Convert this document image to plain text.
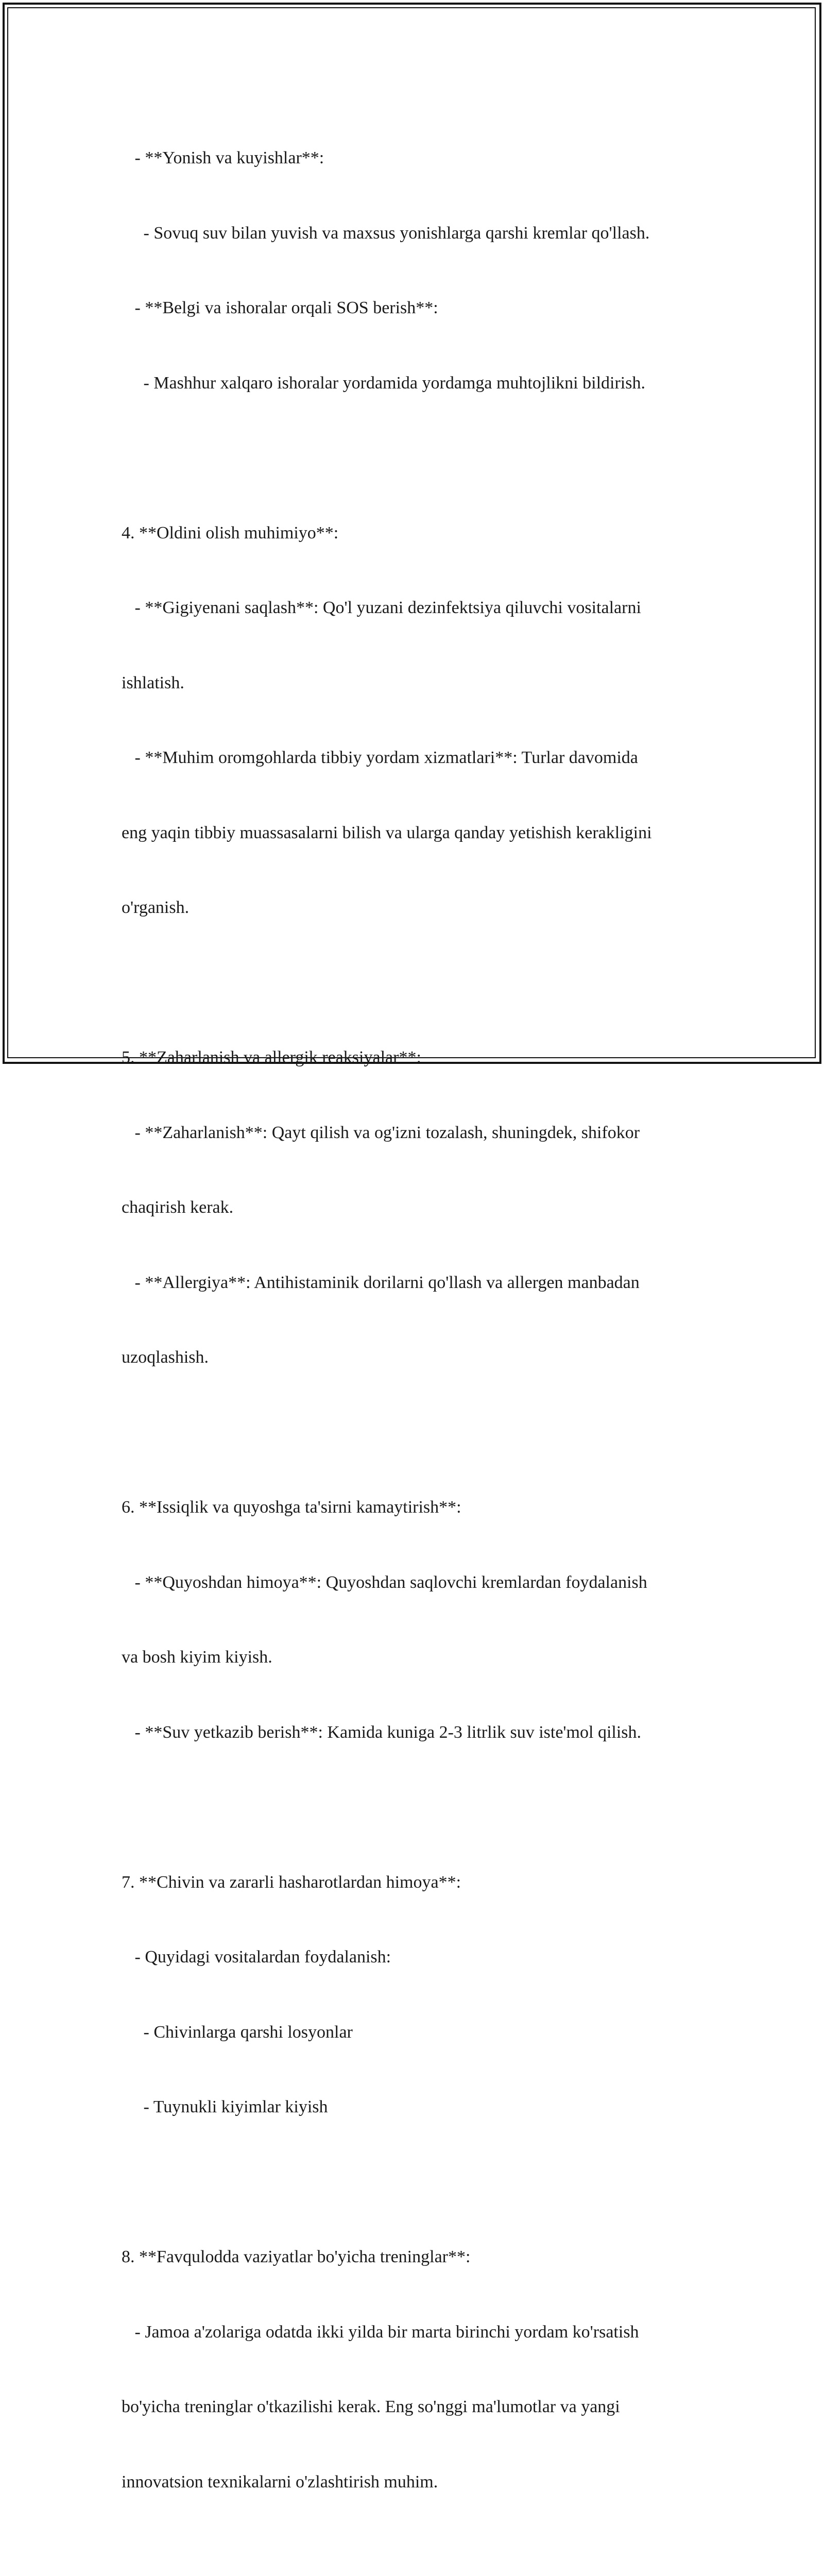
- **Yonish va kuyishlar**:

- Sovuq suv bilan yuvish va maxsus yonishlarga qarshi kremlar qo'llash.

- **Belgi va ishoralar orqali SOS berish**:

- Mashhur xalqaro ishoralar yordamida yordamga muhtojlikni bildirish.

4. **Oldini olish muhimiyo**:

- **Gigiyenani saqlash**: Qo'l yuzani dezinfektsiya qiluvchi vositalarni

ishlatish.

- **Muhim oromgohlarda tibbiy yordam xizmatlari**: Turlar davomida

eng yaqin tibbiy muassasalarni bilish va ularga qanday yetishish kerakligini

o'rganish.

5. **Zaharlanish va allergik reaksiyalar**:

- **Zaharlanish**: Qayt qilish va og'izni tozalash, shuningdek, shifokor

chaqirish kerak.

- **Allergiya**: Antihistaminik dorilarni qo'llash va allergen manbadan

uzoqlashish.

6. **Issiqlik va quyoshga ta'sirni kamaytirish**:

- **Quyoshdan himoya**: Quyoshdan saqlovchi kremlardan foydalanish

va bosh kiyim kiyish.

- **Suv yetkazib berish**: Kamida kuniga 2-3 litrlik suv iste'mol qilish.

7. **Chivin va zararli hasharotlardan himoya**:

- Quyidagi vositalardan foydalanish:

- Chivinlarga qarshi losyonlar

- Tuynukli kiyimlar kiyish

8. **Favqulodda vaziyatlar bo'yicha treninglar**:

- Jamoa a'zolariga odatda ikki yilda bir marta birinchi yordam ko'rsatish

bo'yicha treninglar o'tkazilishi kerak. Eng so'nggi ma'lumotlar va yangi

innovatsion texnikalarni o'zlashtirish muhim.
